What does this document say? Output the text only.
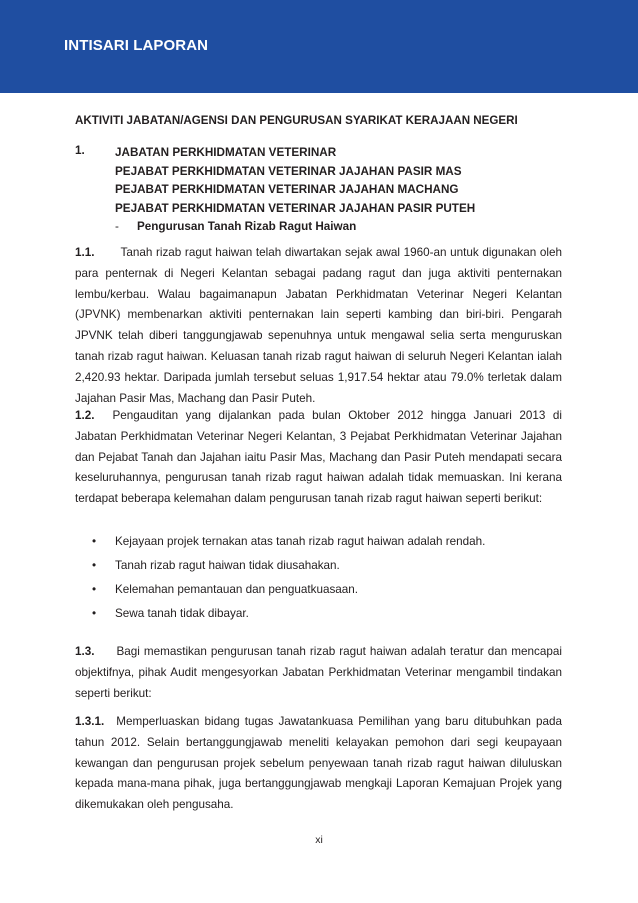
INTISARI LAPORAN
AKTIVITI JABATAN/AGENSI DAN PENGURUSAN SYARIKAT KERAJAAN NEGERI
1.	JABATAN PERKHIDMATAN VETERINAR
PEJABAT PERKHIDMATAN VETERINAR JAJAHAN PASIR MAS
PEJABAT PERKHIDMATAN VETERINAR JAJAHAN MACHANG
PEJABAT PERKHIDMATAN VETERINAR JAJAHAN PASIR PUTEH
- Pengurusan Tanah Rizab Ragut Haiwan
1.1. Tanah rizab ragut haiwan telah diwartakan sejak awal 1960-an untuk digunakan oleh para penternak di Negeri Kelantan sebagai padang ragut dan juga aktiviti penternakan lembu/kerbau. Walau bagaimanapun Jabatan Perkhidmatan Veterinar Negeri Kelantan (JPVNK) membenarkan aktiviti penternakan lain seperti kambing dan biri-biri. Pengarah JPVNK telah diberi tanggungjawab sepenuhnya untuk mengawal selia serta menguruskan tanah rizab ragut haiwan. Keluasan tanah rizab ragut haiwan di seluruh Negeri Kelantan ialah 2,420.93 hektar. Daripada jumlah tersebut seluas 1,917.54 hektar atau 79.0% terletak dalam Jajahan Pasir Mas, Machang dan Pasir Puteh.
1.2. Pengauditan yang dijalankan pada bulan Oktober 2012 hingga Januari 2013 di Jabatan Perkhidmatan Veterinar Negeri Kelantan, 3 Pejabat Perkhidmatan Veterinar Jajahan dan Pejabat Tanah dan Jajahan iaitu Pasir Mas, Machang dan Pasir Puteh mendapati secara keseluruhannya, pengurusan tanah rizab ragut haiwan adalah tidak memuaskan. Ini kerana terdapat beberapa kelemahan dalam pengurusan tanah rizab ragut haiwan seperti berikut:
• Kejayaan projek ternakan atas tanah rizab ragut haiwan adalah rendah.
• Tanah rizab ragut haiwan tidak diusahakan.
• Kelemahan pemantauan dan penguatkuasaan.
• Sewa tanah tidak dibayar.
1.3. Bagi memastikan pengurusan tanah rizab ragut haiwan adalah teratur dan mencapai objektifnya, pihak Audit mengesyorkan Jabatan Perkhidmatan Veterinar mengambil tindakan seperti berikut:
1.3.1. Memperluaskan bidang tugas Jawatankuasa Pemilihan yang baru ditubuhkan pada tahun 2012. Selain bertanggungjawab meneliti kelayakan pemohon dari segi keupayaan kewangan dan pengurusan projek sebelum penyewaan tanah rizab ragut haiwan diluluskan kepada mana-mana pihak, juga bertanggungjawab mengkaji Laporan Kemajuan Projek yang dikemukakan oleh pengusaha.
xi
